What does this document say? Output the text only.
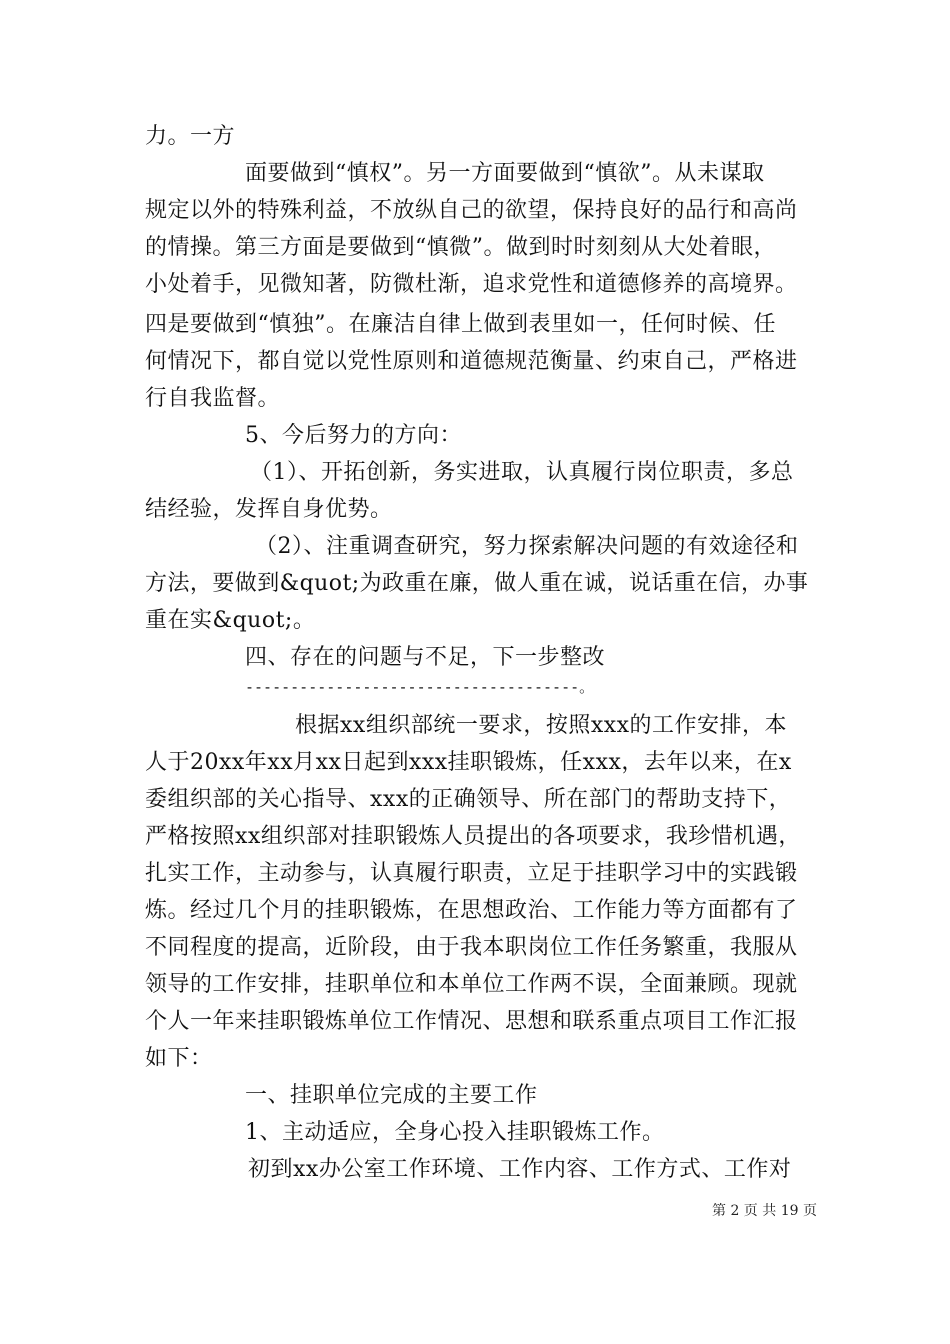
力。一方
面要做到“慎权”。另一方面要做到“慎欲”。从未谋取
规定以外的特殊利益，不放纵自己的欲望，保持良好的品行和高尚
的情操。第三方面是要做到“慎微”。做到时时刻刻从大处着眼，
小处着手，见微知著，防微杜渐，追求党性和道德修养的高境界。
四是要做到“慎独”。在廉洁自律上做到表里如一，任何时候、任
何情况下，都自觉以党性原则和道德规范衡量、约束自己，严格进
行自我监督。
5、今后努力的方向：
（1）、开拓创新，务实进取，认真履行岗位职责，多总
结经验，发挥自身优势。
（2）、注重调查研究，努力探索解决问题的有效途径和
方法，要做到&quot;为政重在廉，做人重在诚，说话重在信，办事
重在实&quot;。
四、存在的问题与不足，下一步整改
-------------------------------------。
根据xx组织部统一要求，按照xxx的工作安排，本
人于20xx年xx月xx日起到xxx挂职锻炼，任xxx，去年以来，在x
委组织部的关心指导、xxx的正确领导、所在部门的帮助支持下，
严格按照xx组织部对挂职锻炼人员提出的各项要求，我珍惜机遇，
扎实工作，主动参与，认真履行职责，立足于挂职学习中的实践锻
炼。经过几个月的挂职锻炼，在思想政治、工作能力等方面都有了
不同程度的提高，近阶段，由于我本职岗位工作任务繁重，我服从
领导的工作安排，挂职单位和本单位工作两不误，全面兼顾。现就
个人一年来挂职锻炼单位工作情况、思想和联系重点项目工作汇报
如下：
一、挂职单位完成的主要工作
1、主动适应，全身心投入挂职锻炼工作。
初到xx办公室工作环境、工作内容、工作方式、工作对
第 2 页 共 19 页
